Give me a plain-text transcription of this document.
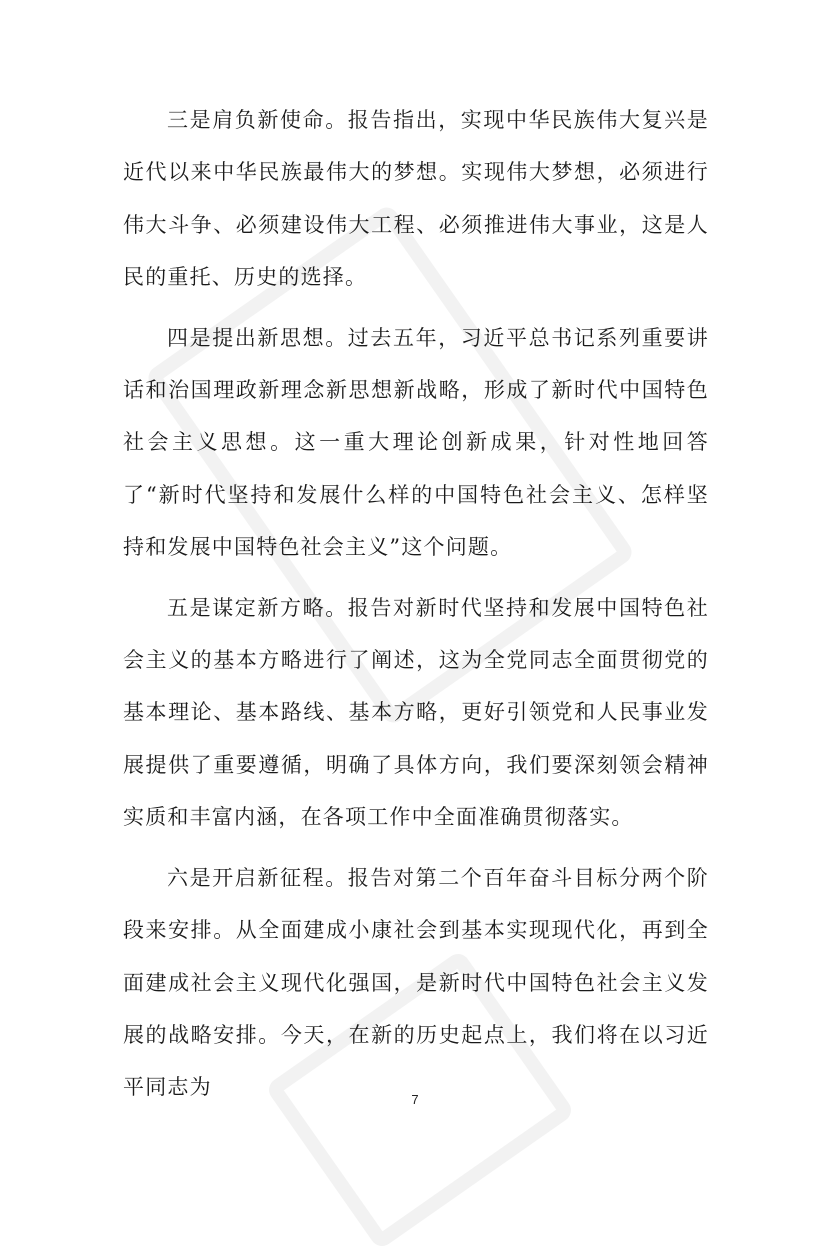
三是肩负新使命。报告指出，实现中华民族伟大复兴是近代以来中华民族最伟大的梦想。实现伟大梦想，必须进行伟大斗争、必须建设伟大工程、必须推进伟大事业，这是人民的重托、历史的选择。

四是提出新思想。过去五年，习近平总书记系列重要讲话和治国理政新理念新思想新战略，形成了新时代中国特色社会主义思想。这一重大理论创新成果，针对性地回答了“新时代坚持和发展什么样的中国特色社会主义、怎样坚持和发展中国特色社会主义”这个问题。

五是谋定新方略。报告对新时代坚持和发展中国特色社会主义的基本方略进行了阐述，这为全党同志全面贯彻党的基本理论、基本路线、基本方略，更好引领党和人民事业发展提供了重要遵循，明确了具体方向，我们要深刻领会精神实质和丰富内涵，在各项工作中全面准确贯彻落实。

六是开启新征程。报告对第二个百年奋斗目标分两个阶段来安排。从全面建成小康社会到基本实现现代化，再到全面建成社会主义现代化强国，是新时代中国特色社会主义发展的战略安排。今天，在新的历史起点上，我们将在以习近平同志为

7
